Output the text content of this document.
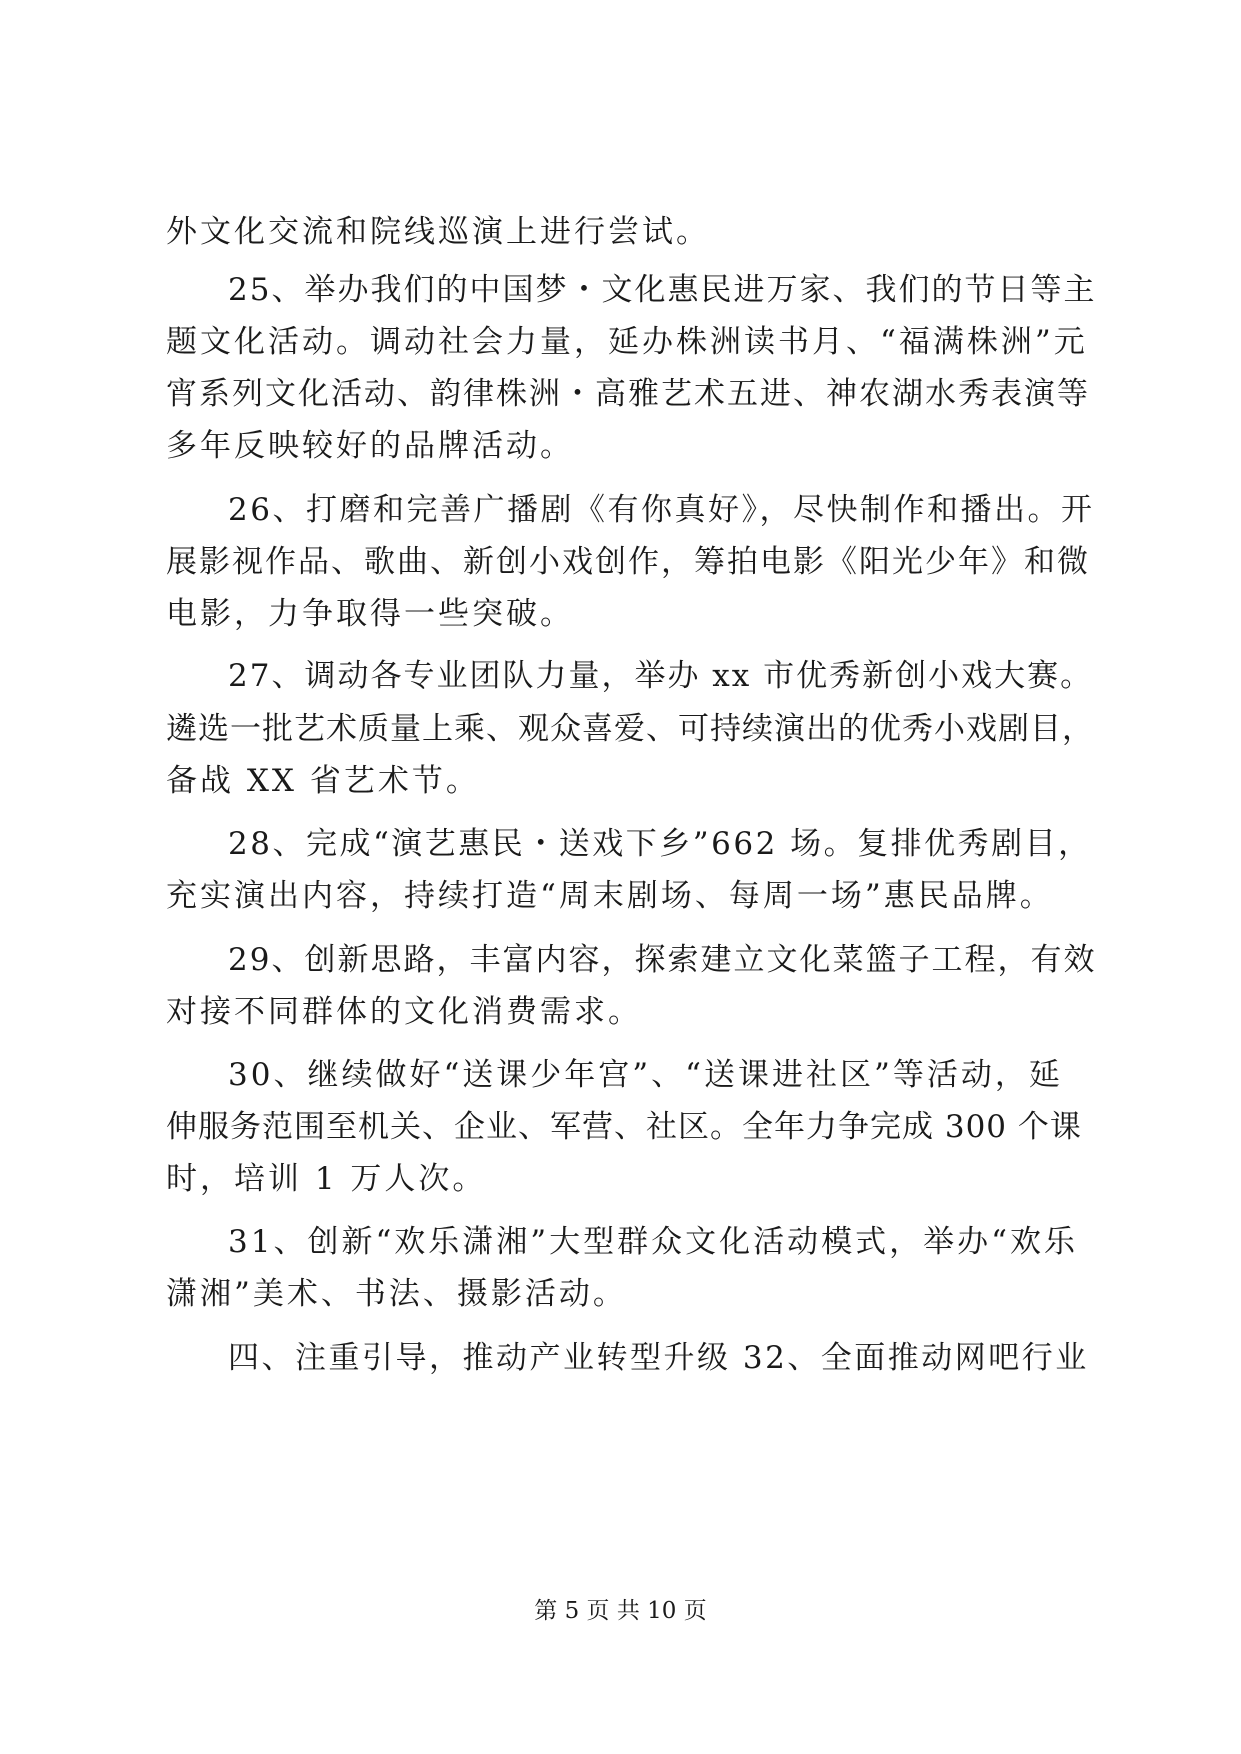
外文化交流和院线巡演上进行尝试。
25、举办我们的中国梦・文化惠民进万家、我们的节日等主
题文化活动。调动社会力量，延办株洲读书月、“福满株洲”元
宵系列文化活动、韵律株洲・高雅艺术五进、神农湖水秀表演等
多年反映较好的品牌活动。
26、打磨和完善广播剧《有你真好》，尽快制作和播出。开
展影视作品、歌曲、新创小戏创作，筹拍电影《阳光少年》和微
电影，力争取得一些突破。
27、调动各专业团队力量，举办 xx 市优秀新创小戏大赛。
遴选一批艺术质量上乘、观众喜爱、可持续演出的优秀小戏剧目，
备战 XX 省艺术节。
28、完成“演艺惠民・送戏下乡”662 场。复排优秀剧目，
充实演出内容，持续打造“周末剧场、每周一场”惠民品牌。
29、创新思路，丰富内容，探索建立文化菜篮子工程，有效
对接不同群体的文化消费需求。
30、继续做好“送课少年宫”、“送课进社区”等活动，延
伸服务范围至机关、企业、军营、社区。全年力争完成 300 个课
时，培训 1 万人次。
31、创新“欢乐潇湘”大型群众文化活动模式，举办“欢乐
潇湘”美术、书法、摄影活动。
四、注重引导，推动产业转型升级 32、全面推动网吧行业
第 5 页 共 10 页
